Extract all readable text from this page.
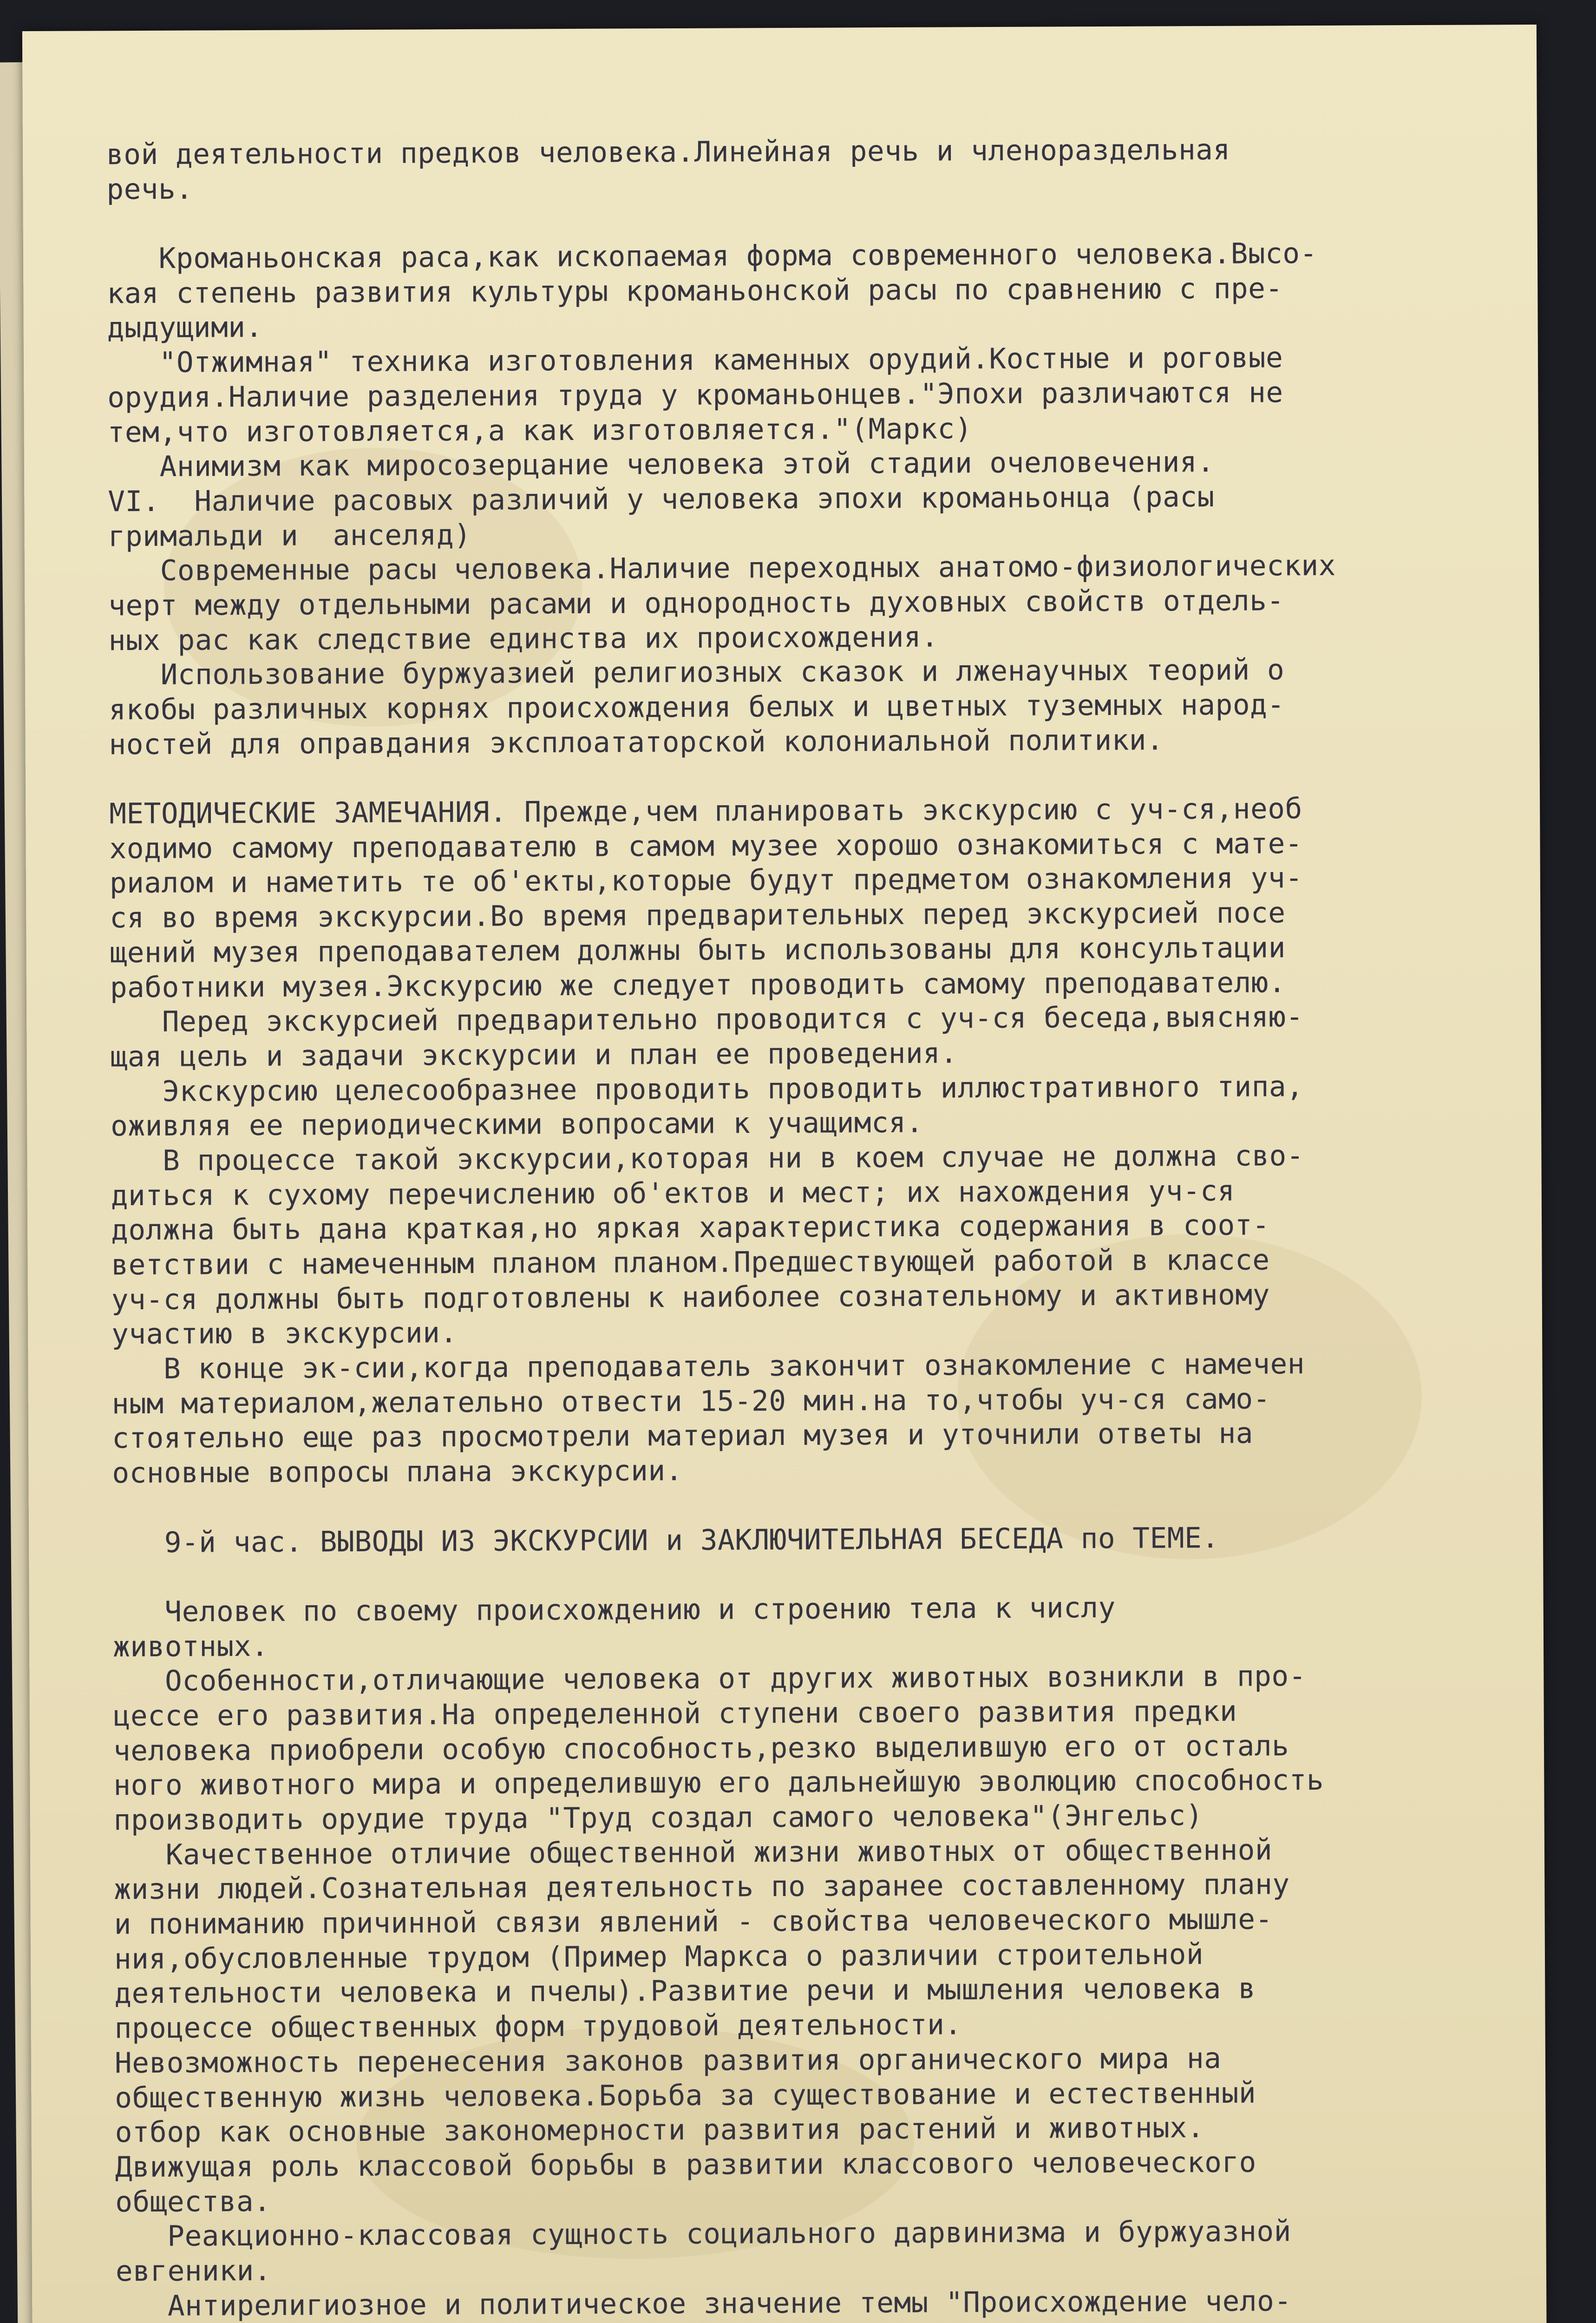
вой деятельности предков человека.Линейная речь и членораздельная
речь.
Кроманьонская раса,как ископаемая форма современного человека.Высо-
кая степень развития культуры кроманьонской расы по сравнению с пре-
дыдущими.
"Отжимная" техника изготовления каменных орудий.Костные и роговые
орудия.Наличие разделения труда у кроманьонцев."Эпохи различаются не
тем,что изготовляется,а как изготовляется."(Маркс)
Анимизм как миросозерцание человека этой стадии очеловечения.
VI.  Наличие расовых различий у человека эпохи кроманьонца (расы
гримальди и  анселяд)
Современные расы человека.Наличие переходных анатомо-физиологических
черт между отдельными расами и однородность духовных свойств отдель-
ных рас как следствие единства их происхождения.
Использование буржуазией религиозных сказок и лженаучных теорий о
якобы различных корнях происхождения белых и цветных туземных народ-
ностей для оправдания эксплоататорской колониальной политики.
МЕТОДИЧЕСКИЕ ЗАМЕЧАНИЯ. Прежде,чем планировать экскурсию с уч-ся,необ
ходимо самому преподавателю в самом музее хорошо ознакомиться с мате-
риалом и наметить те об'екты,которые будут предметом ознакомления уч-
ся во время экскурсии.Во время предварительных перед экскурсией посе
щений музея преподавателем должны быть использованы для консультации
работники музея.Экскурсию же следует проводить самому преподавателю.
Перед экскурсией предварительно проводится с уч-ся беседа,выясняю-
щая цель и задачи экскурсии и план ее проведения.
Экскурсию целесообразнее проводить проводить иллюстративного типа,
оживляя ее периодическими вопросами к учащимся.
В процессе такой экскурсии,которая ни в коем случае не должна сво-
диться к сухому перечислению об'ектов и мест; их нахождения уч-ся
должна быть дана краткая,но яркая характеристика содержания в соот-
ветствии с намеченным планом планом.Предшествующей работой в классе
уч-ся должны быть подготовлены к наиболее сознательному и активному
участию в экскурсии.
В конце эк-сии,когда преподаватель закончит ознакомление с намечен
ным материалом,желательно отвести 15-20 мин.на то,чтобы уч-ся само-
стоятельно еще раз просмотрели материал музея и уточнили ответы на
основные вопросы плана экскурсии.
9-й час. ВЫВОДЫ ИЗ ЭКСКУРСИИ и ЗАКЛЮЧИТЕЛЬНАЯ БЕСЕДА по ТЕМЕ.
Человек по своему происхождению и строению тела к числу
животных.
Особенности,отличающие человека от других животных возникли в про-
цессе его развития.На определенной ступени своего развития предки
человека приобрели особую способность,резко выделившую его от осталь
ного животного мира и определившую его дальнейшую эволюцию способность
производить орудие труда "Труд создал самого человека"(Энгельс)
Качественное отличие общественной жизни животных от общественной
жизни людей.Сознательная деятельность по заранее составленному плану
и пониманию причинной связи явлений - свойства человеческого мышле-
ния,обусловленные трудом (Пример Маркса о различии строительной
деятельности человека и пчелы).Развитие речи и мышления человека в
процессе общественных форм трудовой деятельности.
Невозможность перенесения законов развития органического мира на
общественную жизнь человека.Борьба за существование и естественный
отбор как основные закономерности развития растений и животных.
Движущая роль классовой борьбы в развитии классового человеческого
общества.
Реакционно-классовая сущность социального дарвинизма и буржуазной
евгеники.
Антирелигиозное и политическое значение темы "Происхождение чело-
